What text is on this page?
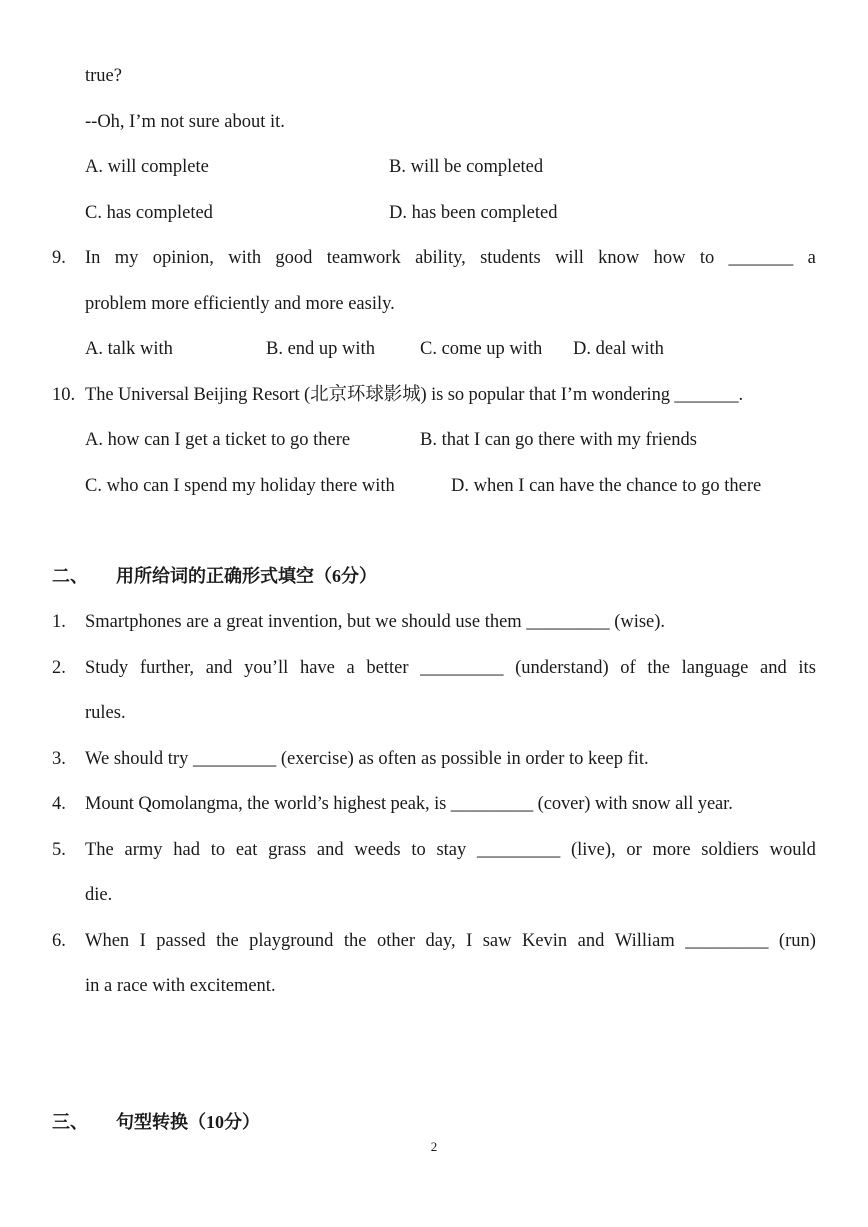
true?
--Oh, I’m not sure about it.
A. will complete	B. will be completed
C. has completed	D. has been completed
9. In my opinion, with good teamwork ability, students will know how to _______ a
problem more efficiently and more easily.
A. talk with	B. end up with C. come up with D. deal with
10. The Universal Beijing Resort (北京环球影城) is so popular that I’m wondering _______.
A. how can I get a ticket to go there	B. that I can go there with my friends
C. who can I spend my holiday there with	D. when I can have the chance to go there
二、 用所给词的正确形式填空（6分）
1. Smartphones are a great invention, but we should use them _________ (wise).
2. Study further, and you’ll have a better _________ (understand) of the language and its
rules.
3. We should try _________ (exercise) as often as possible in order to keep fit.
4. Mount Qomolangma, the world’s highest peak, is _________ (cover) with snow all year.
5. The army had to eat grass and weeds to stay _________ (live), or more soldiers would
die.
6. When I passed the playground the other day, I saw Kevin and William _________ (run)
in a race with excitement.
三、 句型转换（10分）
2
